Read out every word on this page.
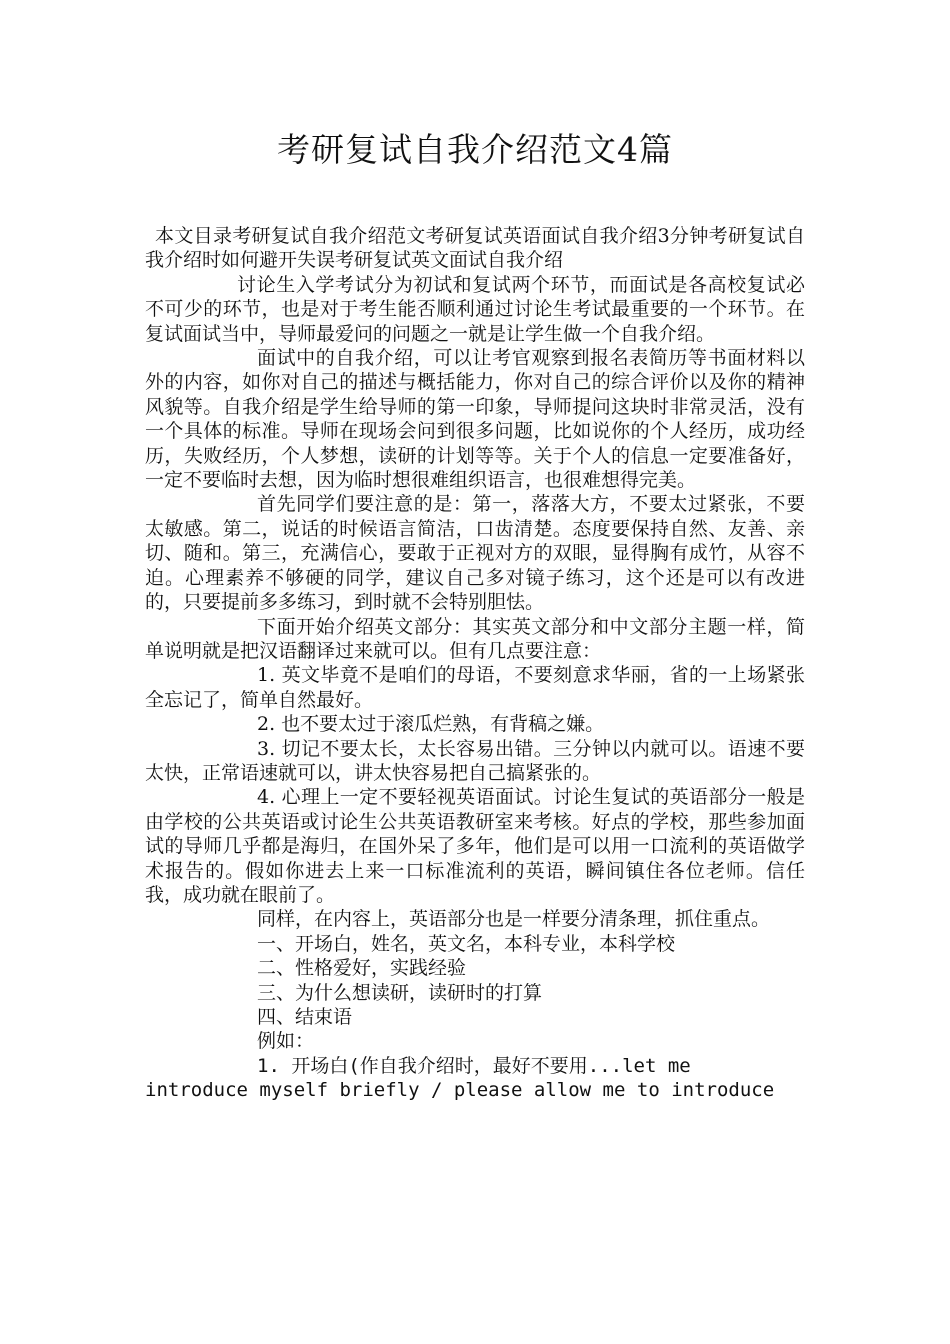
考研复试自我介绍范文4篇

本文目录考研复试自我介绍范文考研复试英语面试自我介绍3分钟考研复试自我介绍时如何避开失误考研复试英文面试自我介绍

讨论生入学考试分为初试和复试两个环节，而面试是各高校复试必不可少的环节，也是对于考生能否顺利通过讨论生考试最重要的一个环节。在复试面试当中，导师最爱问的问题之一就是让学生做一个自我介绍。

面试中的自我介绍，可以让考官观察到报名表简历等书面材料以外的内容，如你对自己的描述与概括能力，你对自己的综合评价以及你的精神风貌等。自我介绍是学生给导师的第一印象，导师提问这块时非常灵活，没有一个具体的标准。导师在现场会问到很多问题，比如说你的个人经历，成功经历，失败经历，个人梦想，读研的计划等等。关于个人的信息一定要准备好，一定不要临时去想，因为临时想很难组织语言，也很难想得完美。

首先同学们要注意的是：第一，落落大方，不要太过紧张，不要太敏感。第二，说话的时候语言简洁，口齿清楚。态度要保持自然、友善、亲切、随和。第三，充满信心，要敢于正视对方的双眼，显得胸有成竹，从容不迫。心理素养不够硬的同学，建议自己多对镜子练习，这个还是可以有改进的，只要提前多多练习，到时就不会特别胆怯。

下面开始介绍英文部分：其实英文部分和中文部分主题一样，简单说明就是把汉语翻译过来就可以。但有几点要注意：

1. 英文毕竟不是咱们的母语，不要刻意求华丽，省的一上场紧张全忘记了，简单自然最好。

2. 也不要太过于滚瓜烂熟，有背稿之嫌。

3. 切记不要太长，太长容易出错。三分钟以内就可以。语速不要太快，正常语速就可以，讲太快容易把自己搞紧张的。

4. 心理上一定不要轻视英语面试。讨论生复试的英语部分一般是由学校的公共英语或讨论生公共英语教研室来考核。好点的学校，那些参加面试的导师几乎都是海归，在国外呆了多年，他们是可以用一口流利的英语做学术报告的。假如你进去上来一口标准流利的英语，瞬间镇住各位老师。信任我，成功就在眼前了。

同样，在内容上，英语部分也是一样要分清条理，抓住重点。

一、开场白，姓名，英文名，本科专业，本科学校

二、性格爱好，实践经验

三、为什么想读研，读研时的打算

四、结束语

例如：

1. 开场白(作自我介绍时，最好不要用...let me

introduce myself briefly / please allow me to introduce
